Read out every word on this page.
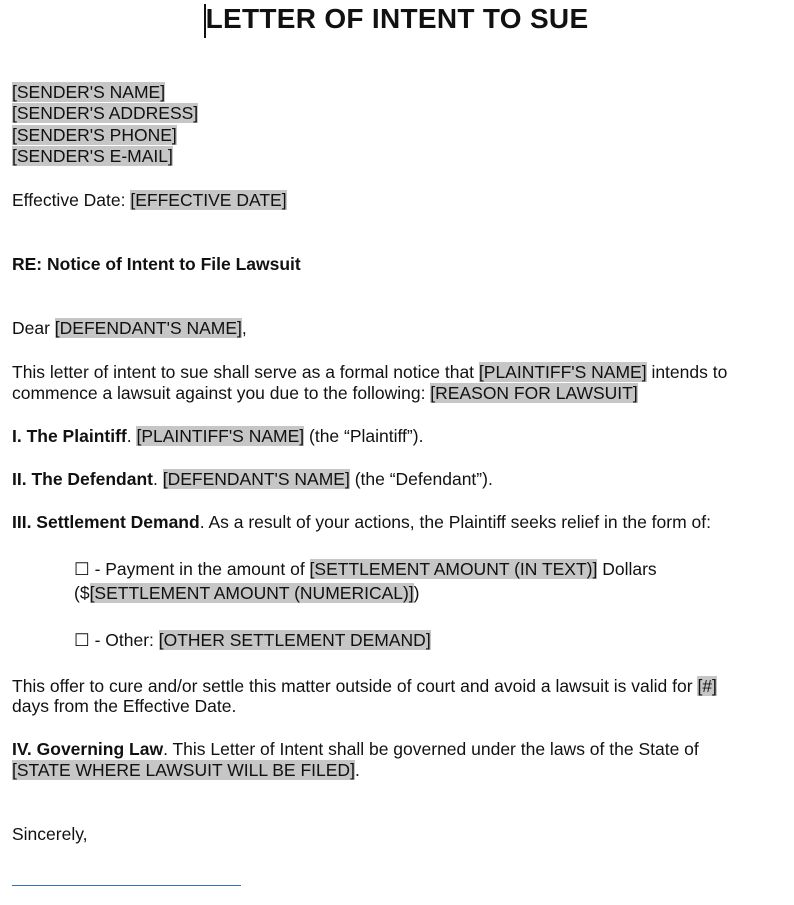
LETTER OF INTENT TO SUE
[SENDER'S NAME]
[SENDER'S ADDRESS]
[SENDER'S PHONE]
[SENDER'S E-MAIL]
Effective Date: [EFFECTIVE DATE]
RE: Notice of Intent to File Lawsuit
Dear [DEFENDANT'S NAME],
This letter of intent to sue shall serve as a formal notice that [PLAINTIFF'S NAME] intends to
commence a lawsuit against you due to the following: [REASON FOR LAWSUIT]
I. The Plaintiff. [PLAINTIFF'S NAME] (the “Plaintiff”).
II. The Defendant. [DEFENDANT'S NAME] (the “Defendant”).
III. Settlement Demand. As a result of your actions, the Plaintiff seeks relief in the form of:
☐ - Payment in the amount of [SETTLEMENT AMOUNT (IN TEXT)] Dollars
($[SETTLEMENT AMOUNT (NUMERICAL)])
☐ - Other: [OTHER SETTLEMENT DEMAND]
This offer to cure and/or settle this matter outside of court and avoid a lawsuit is valid for [#]
days from the Effective Date.
IV. Governing Law. This Letter of Intent shall be governed under the laws of the State of
[STATE WHERE LAWSUIT WILL BE FILED].
Sincerely,
